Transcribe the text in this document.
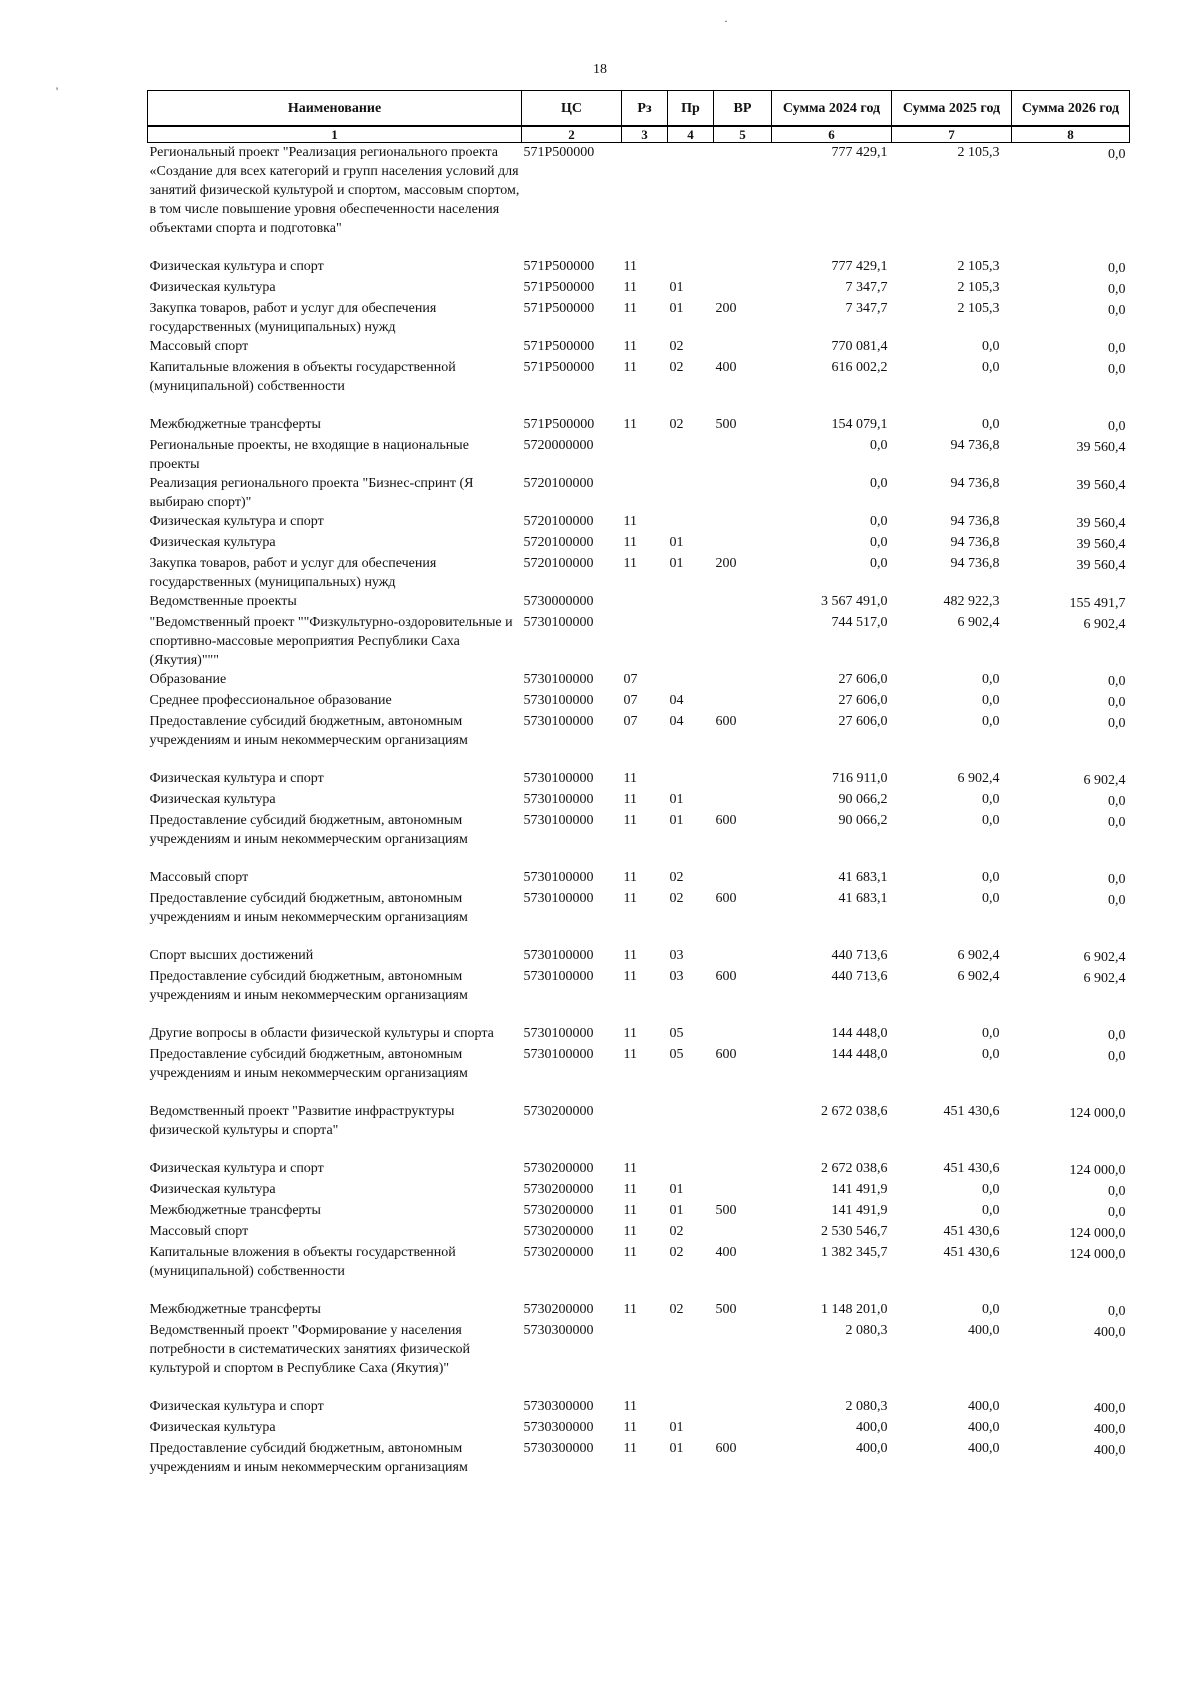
18
'
·
Наименование	ЦС	Рз	Пр	ВР	Сумма 2024 год	Сумма 2025 год	Сумма 2026 год
1	2	3	4	5	6	7	8
Региональный проект "Реализация регионального проекта «Создание для всех категорий и групп населения условий для занятий физической культурой и спортом, массовым спортом, в том числе повышение уровня обеспеченности населения объектами спорта и подготовка"	571P500000				777 429,1	2 105,3	0,0
Физическая культура и спорт	571P500000	11			777 429,1	2 105,3	0,0
Физическая культура	571P500000	11	01		7 347,7	2 105,3	0,0
Закупка товаров, работ и услуг для обеспечения государственных (муниципальных) нужд	571P500000	11	01	200	7 347,7	2 105,3	0,0
Массовый спорт	571P500000	11	02		770 081,4	0,0	0,0
Капитальные вложения в объекты государственной (муниципальной) собственности	571P500000	11	02	400	616 002,2	0,0	0,0
Межбюджетные трансферты	571P500000	11	02	500	154 079,1	0,0	0,0
Региональные проекты, не входящие в национальные проекты	5720000000				0,0	94 736,8	39 560,4
Реализация регионального проекта "Бизнес-спринт (Я выбираю спорт)"	5720100000				0,0	94 736,8	39 560,4
Физическая культура и спорт	5720100000	11			0,0	94 736,8	39 560,4
Физическая культура	5720100000	11	01		0,0	94 736,8	39 560,4
Закупка товаров, работ и услуг для обеспечения государственных (муниципальных) нужд	5720100000	11	01	200	0,0	94 736,8	39 560,4
Ведомственные проекты	5730000000				3 567 491,0	482 922,3	155 491,7
"Ведомственный проект ""Физкультурно-оздоровительные и спортивно-массовые мероприятия Республики Саха (Якутия)"""	5730100000				744 517,0	6 902,4	6 902,4
Образование	5730100000	07			27 606,0	0,0	0,0
Среднее профессиональное образование	5730100000	07	04		27 606,0	0,0	0,0
Предоставление субсидий бюджетным, автономным учреждениям и иным некоммерческим организациям	5730100000	07	04	600	27 606,0	0,0	0,0
Физическая культура и спорт	5730100000	11			716 911,0	6 902,4	6 902,4
Физическая культура	5730100000	11	01		90 066,2	0,0	0,0
Предоставление субсидий бюджетным, автономным учреждениям и иным некоммерческим организациям	5730100000	11	01	600	90 066,2	0,0	0,0
Массовый спорт	5730100000	11	02		41 683,1	0,0	0,0
Предоставление субсидий бюджетным, автономным учреждениям и иным некоммерческим организациям	5730100000	11	02	600	41 683,1	0,0	0,0
Спорт высших достижений	5730100000	11	03		440 713,6	6 902,4	6 902,4
Предоставление субсидий бюджетным, автономным учреждениям и иным некоммерческим организациям	5730100000	11	03	600	440 713,6	6 902,4	6 902,4
Другие вопросы в области физической культуры и спорта	5730100000	11	05		144 448,0	0,0	0,0
Предоставление субсидий бюджетным, автономным учреждениям и иным некоммерческим организациям	5730100000	11	05	600	144 448,0	0,0	0,0
Ведомственный проект "Развитие инфраструктуры физической культуры и спорта"	5730200000				2 672 038,6	451 430,6	124 000,0
Физическая культура и спорт	5730200000	11			2 672 038,6	451 430,6	124 000,0
Физическая культура	5730200000	11	01		141 491,9	0,0	0,0
Межбюджетные трансферты	5730200000	11	01	500	141 491,9	0,0	0,0
Массовый спорт	5730200000	11	02		2 530 546,7	451 430,6	124 000,0
Капитальные вложения в объекты государственной (муниципальной) собственности	5730200000	11	02	400	1 382 345,7	451 430,6	124 000,0
Межбюджетные трансферты	5730200000	11	02	500	1 148 201,0	0,0	0,0
Ведомственный проект "Формирование у населения потребности в систематических занятиях физической культурой и спортом в Республике Саха (Якутия)"	5730300000				2 080,3	400,0	400,0
Физическая культура и спорт	5730300000	11			2 080,3	400,0	400,0
Физическая культура	5730300000	11	01		400,0	400,0	400,0
Предоставление субсидий бюджетным, автономным учреждениям и иным некоммерческим организациям	5730300000	11	01	600	400,0	400,0	400,0
